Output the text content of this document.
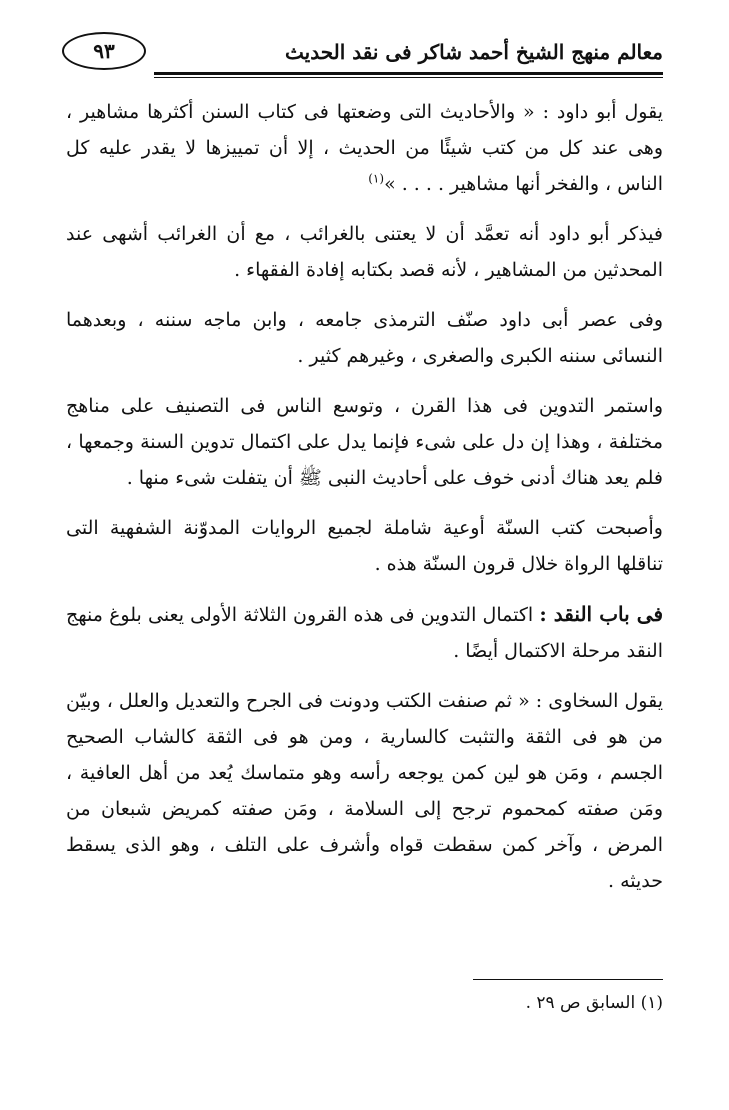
٩٣	معالم منهج الشيخ أحمد شاكر فى نقد الحديث

يقول أبو داود : « والأحاديث التى وضعتها فى كتاب السنن أكثرها مشاهير ، وهى عند كل من كتب شيئًا من الحديث ، إلا أن تمييزها لا يقدر عليه كل الناس ، والفخر أنها مشاهير . . . . »$^{(١)}$

فيذكر أبو داود أنه تعمَّد أن لا يعتنى بالغرائب ، مع أن الغرائب أشهى عند المحدثين من المشاهير ، لأنه قصد بكتابه إفادة الفقهاء .

وفى عصر أبى داود صنّف الترمذى جامعه ، وابن ماجه سننه ، وبعدهما النسائى سننه الكبرى والصغرى ، وغيرهم كثير .

واستمر التدوين فى هذا القرن ، وتوسع الناس فى التصنيف على مناهج مختلفة ، وهذا إن دل على شىء فإنما يدل على اكتمال تدوين السنة وجمعها ، فلم يعد هناك أدنى خوف على أحاديث النبى ﷺ أن يتفلت شىء منها .

وأصبحت كتب السنّة أوعية شاملة لجميع الروايات المدوّنة الشفهية التى تناقلها الرواة خلال قرون السنّة هذه .

فى باب النقد : اكتمال التدوين فى هذه القرون الثلاثة الأولى يعنى بلوغ منهج النقد مرحلة الاكتمال أيضًا .

يقول السخاوى : « ثم صنفت الكتب ودونت فى الجرح والتعديل والعلل ، وبيّن من هو فى الثقة والتثبت كالسارية ، ومن هو فى الثقة كالشاب الصحيح الجسم ، ومَن هو لين كمن يوجعه رأسه وهو متماسك يُعد من أهل العافية ، ومَن صفته كمحموم ترجح إلى السلامة ، ومَن صفته كمريض شبعان من المرض ، وآخر كمن سقطت قواه وأشرف على التلف ، وهو الذى يسقط حديثه .

(١) السابق ص ٢٩ .
